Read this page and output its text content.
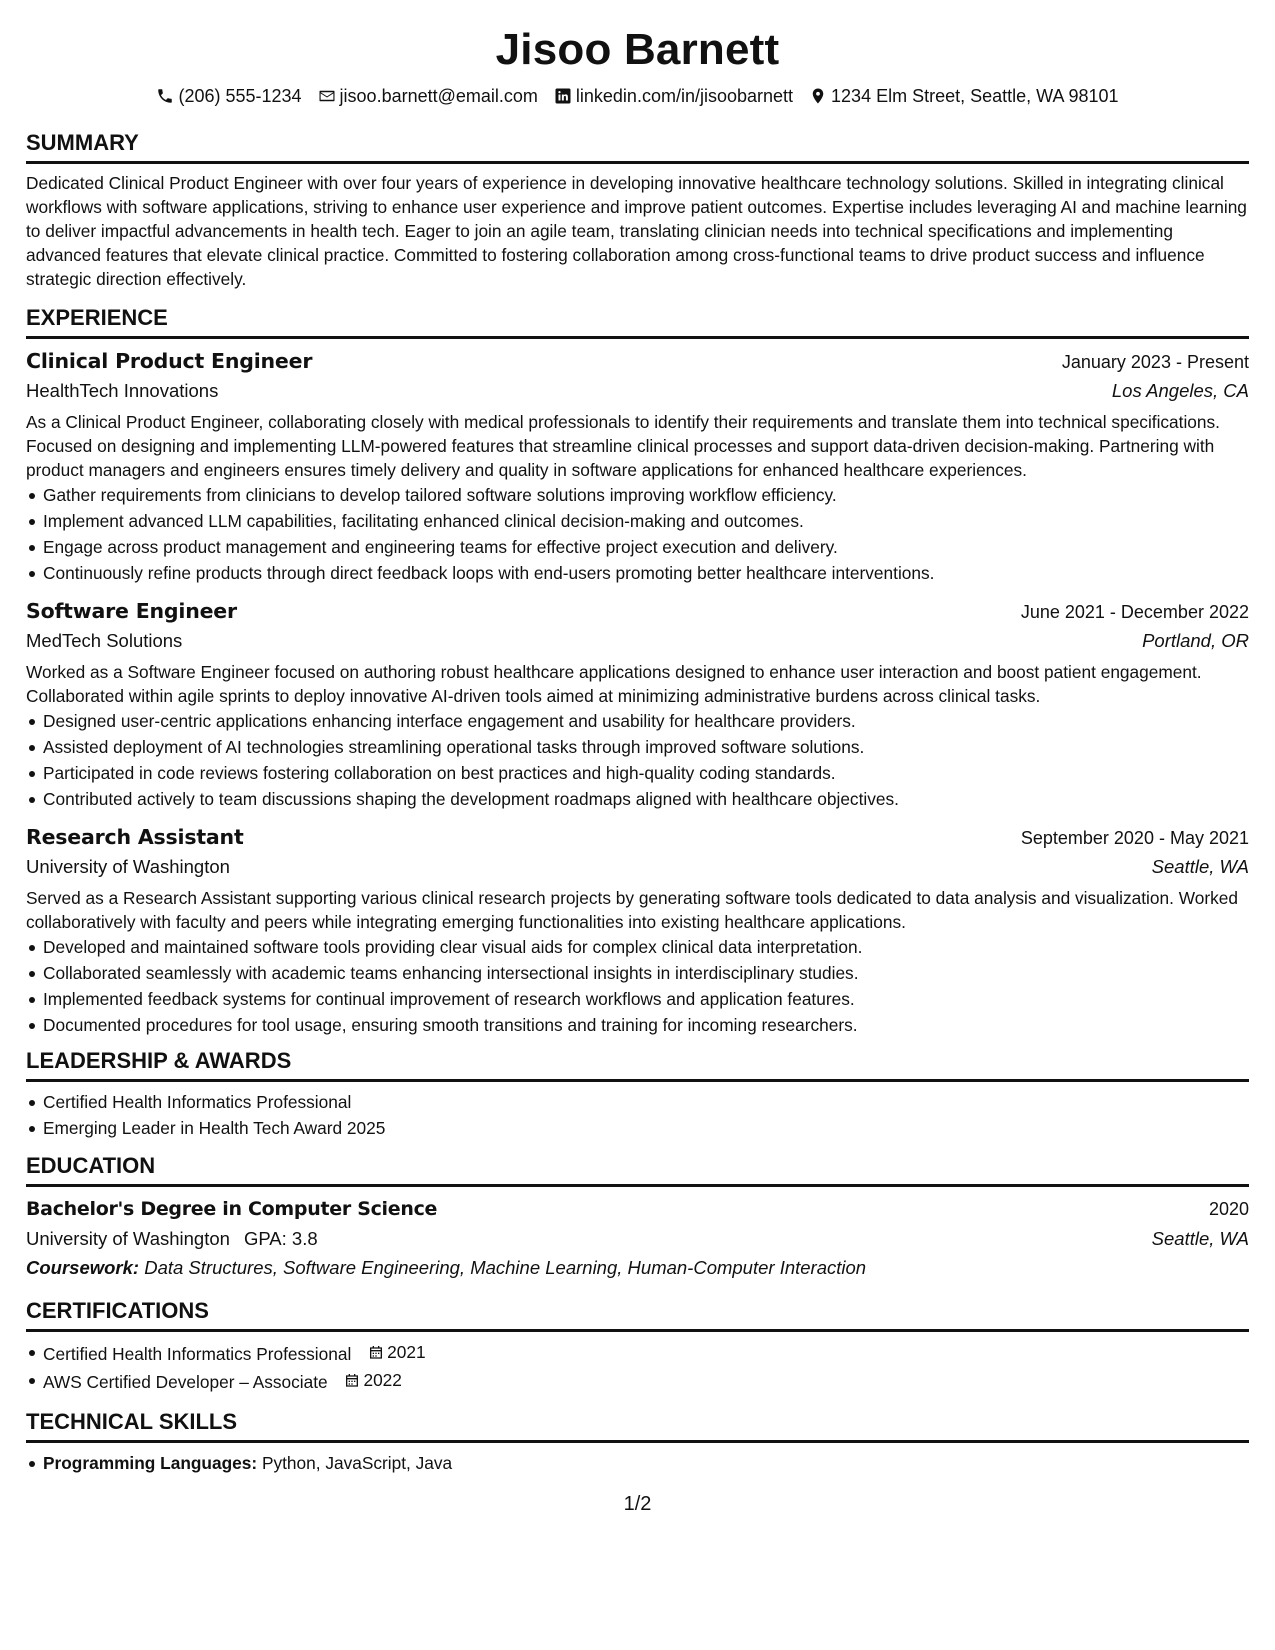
Jisoo Barnett
(206) 555-1234 jisoo.barnett@email.com linkedin.com/in/jisoobarnett 1234 Elm Street, Seattle, WA 98101
SUMMARY
Dedicated Clinical Product Engineer with over four years of experience in developing innovative healthcare technology solutions. Skilled in integrating clinical workflows with software applications, striving to enhance user experience and improve patient outcomes. Expertise includes leveraging AI and machine learning to deliver impactful advancements in health tech. Eager to join an agile team, translating clinician needs into technical specifications and implementing advanced features that elevate clinical practice. Committed to fostering collaboration among cross-functional teams to drive product success and influence strategic direction effectively.
EXPERIENCE
Clinical Product Engineer	January 2023 - Present
HealthTech Innovations	Los Angeles, CA
As a Clinical Product Engineer, collaborating closely with medical professionals to identify their requirements and translate them into technical specifications. Focused on designing and implementing LLM-powered features that streamline clinical processes and support data-driven decision-making. Partnering with product managers and engineers ensures timely delivery and quality in software applications for enhanced healthcare experiences.
Gather requirements from clinicians to develop tailored software solutions improving workflow efficiency.
Implement advanced LLM capabilities, facilitating enhanced clinical decision-making and outcomes.
Engage across product management and engineering teams for effective project execution and delivery.
Continuously refine products through direct feedback loops with end-users promoting better healthcare interventions.
Software Engineer	June 2021 - December 2022
MedTech Solutions	Portland, OR
Worked as a Software Engineer focused on authoring robust healthcare applications designed to enhance user interaction and boost patient engagement. Collaborated within agile sprints to deploy innovative AI-driven tools aimed at minimizing administrative burdens across clinical tasks.
Designed user-centric applications enhancing interface engagement and usability for healthcare providers.
Assisted deployment of AI technologies streamlining operational tasks through improved software solutions.
Participated in code reviews fostering collaboration on best practices and high-quality coding standards.
Contributed actively to team discussions shaping the development roadmaps aligned with healthcare objectives.
Research Assistant	September 2020 - May 2021
University of Washington	Seattle, WA
Served as a Research Assistant supporting various clinical research projects by generating software tools dedicated to data analysis and visualization. Worked collaboratively with faculty and peers while integrating emerging functionalities into existing healthcare applications.
Developed and maintained software tools providing clear visual aids for complex clinical data interpretation.
Collaborated seamlessly with academic teams enhancing intersectional insights in interdisciplinary studies.
Implemented feedback systems for continual improvement of research workflows and application features.
Documented procedures for tool usage, ensuring smooth transitions and training for incoming researchers.
LEADERSHIP & AWARDS
Certified Health Informatics Professional
Emerging Leader in Health Tech Award 2025
EDUCATION
Bachelor's Degree in Computer Science	2020
University of Washington GPA: 3.8	Seattle, WA
Coursework: Data Structures, Software Engineering, Machine Learning, Human-Computer Interaction
CERTIFICATIONS
Certified Health Informatics Professional 2021
AWS Certified Developer – Associate 2022
TECHNICAL SKILLS
Programming Languages: Python, JavaScript, Java
1/2
